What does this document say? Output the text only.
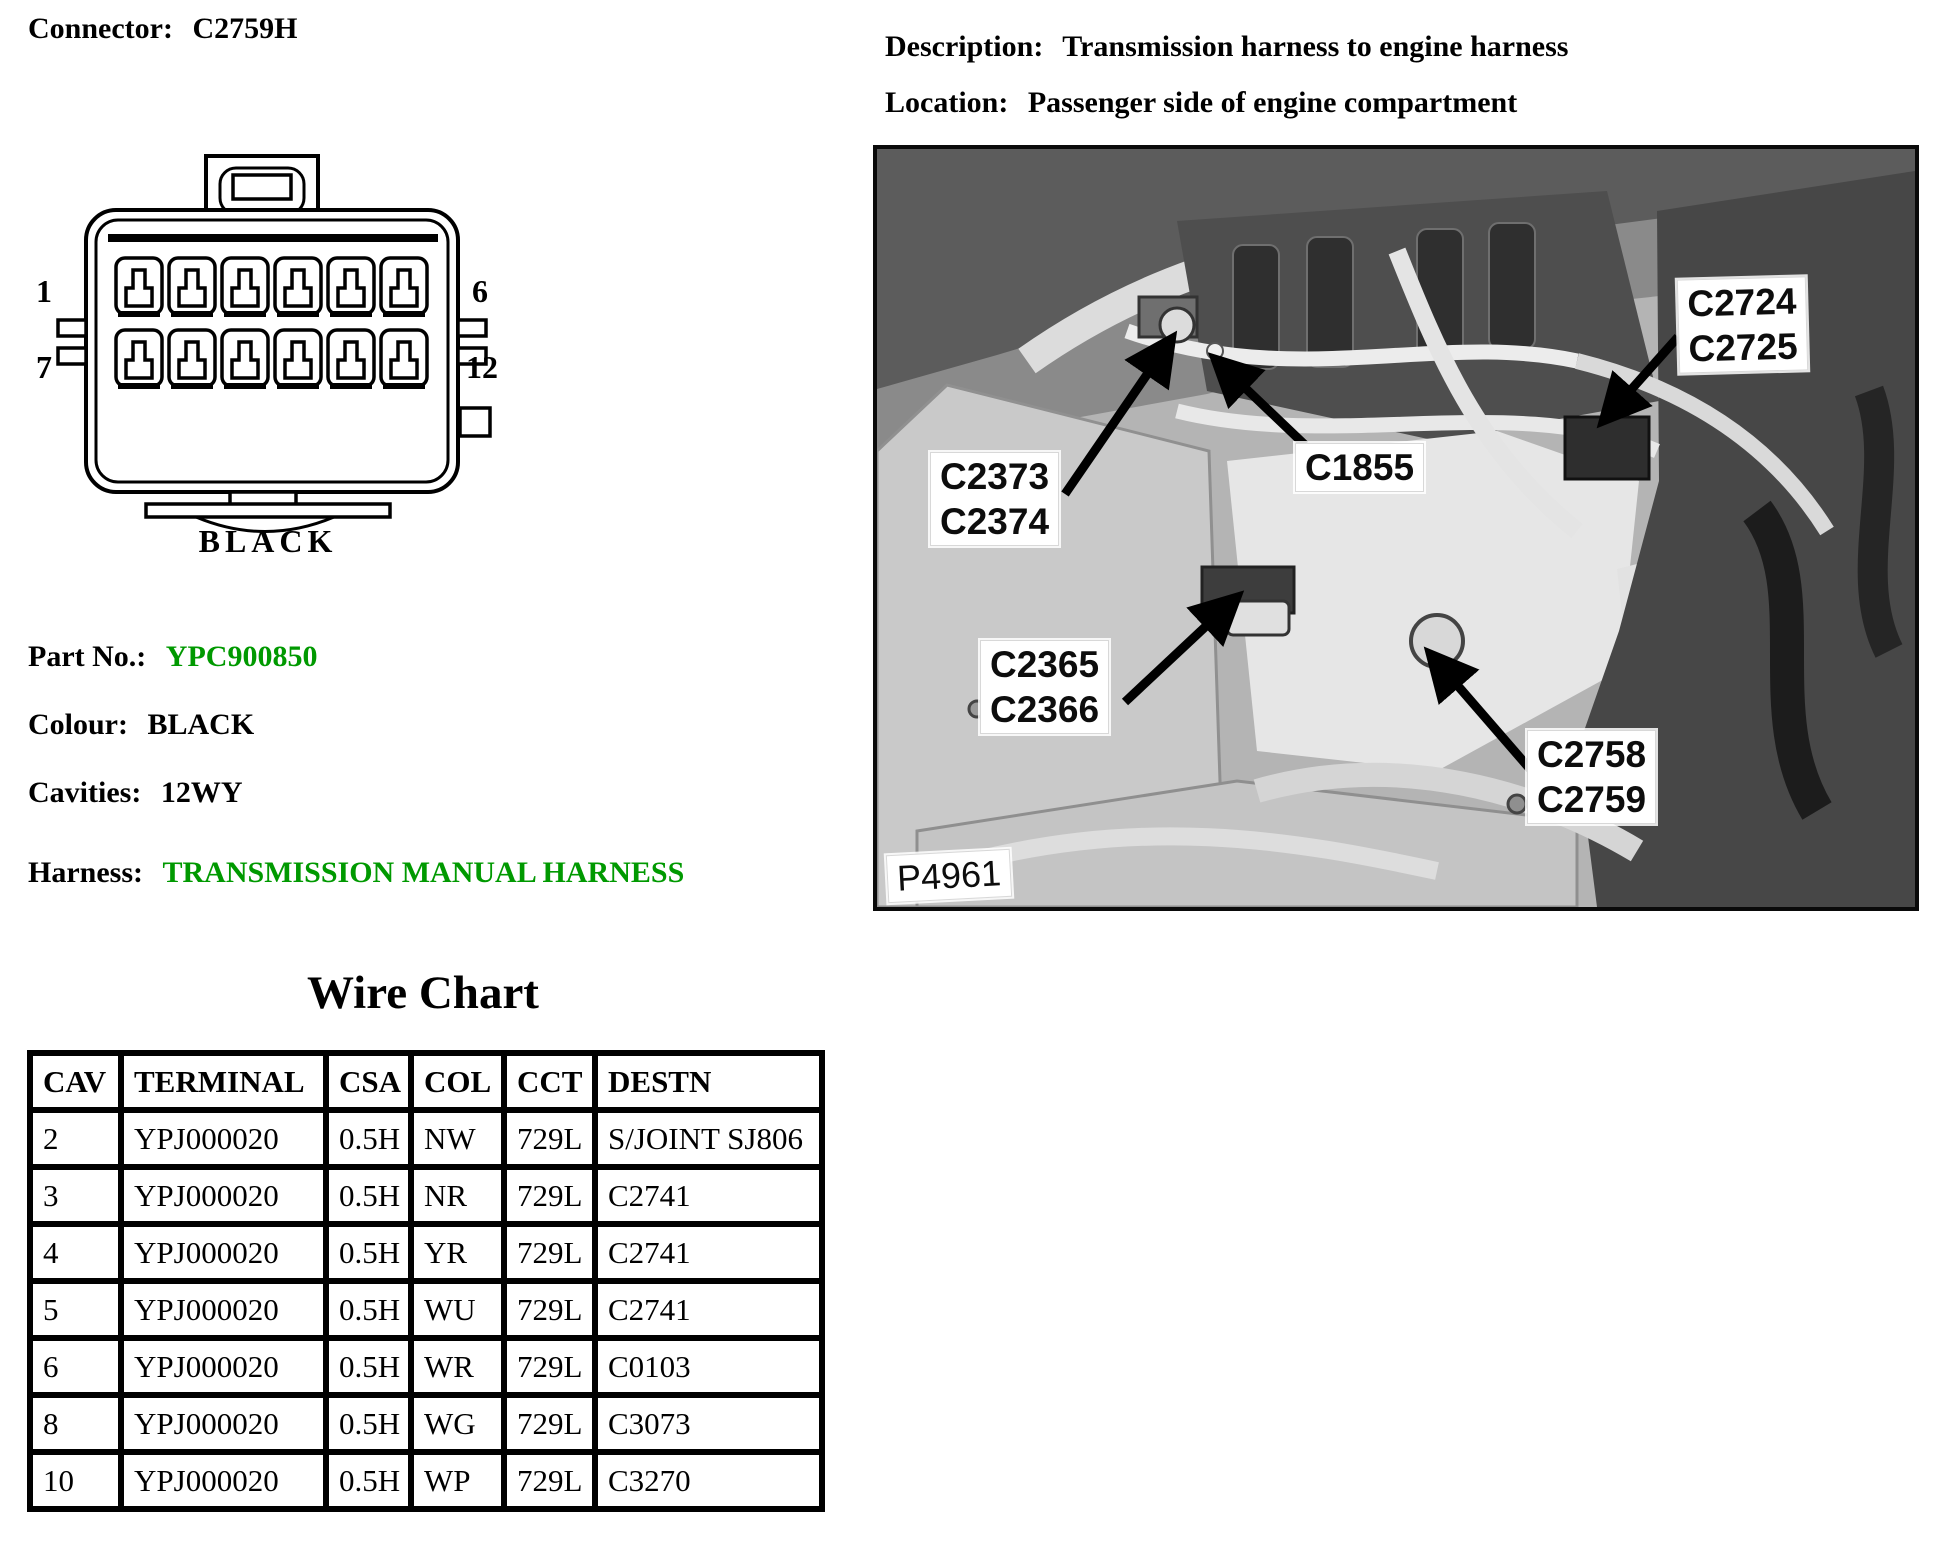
Connector: C2759H
1	6
7	12
BLACK
Part No.: YPC900850
Colour: BLACK
Cavities: 12WY
Harness: TRANSMISSION MANUAL HARNESS
Description: Transmission harness to engine harness
Location: Passenger side of engine compartment
C2373
C2374
C1855
C2365
C2366
C2724
C2725
C2758
C2759
P4961
Wire Chart
CAV	TERMINAL	CSA	COL	CCT	DESTN
2	YPJ000020	0.5H	NW	729L	S/JOINT SJ806
3	YPJ000020	0.5H	NR	729L	C2741
4	YPJ000020	0.5H	YR	729L	C2741
5	YPJ000020	0.5H	WU	729L	C2741
6	YPJ000020	0.5H	WR	729L	C0103
8	YPJ000020	0.5H	WG	729L	C3073
10	YPJ000020	0.5H	WP	729L	C3270
